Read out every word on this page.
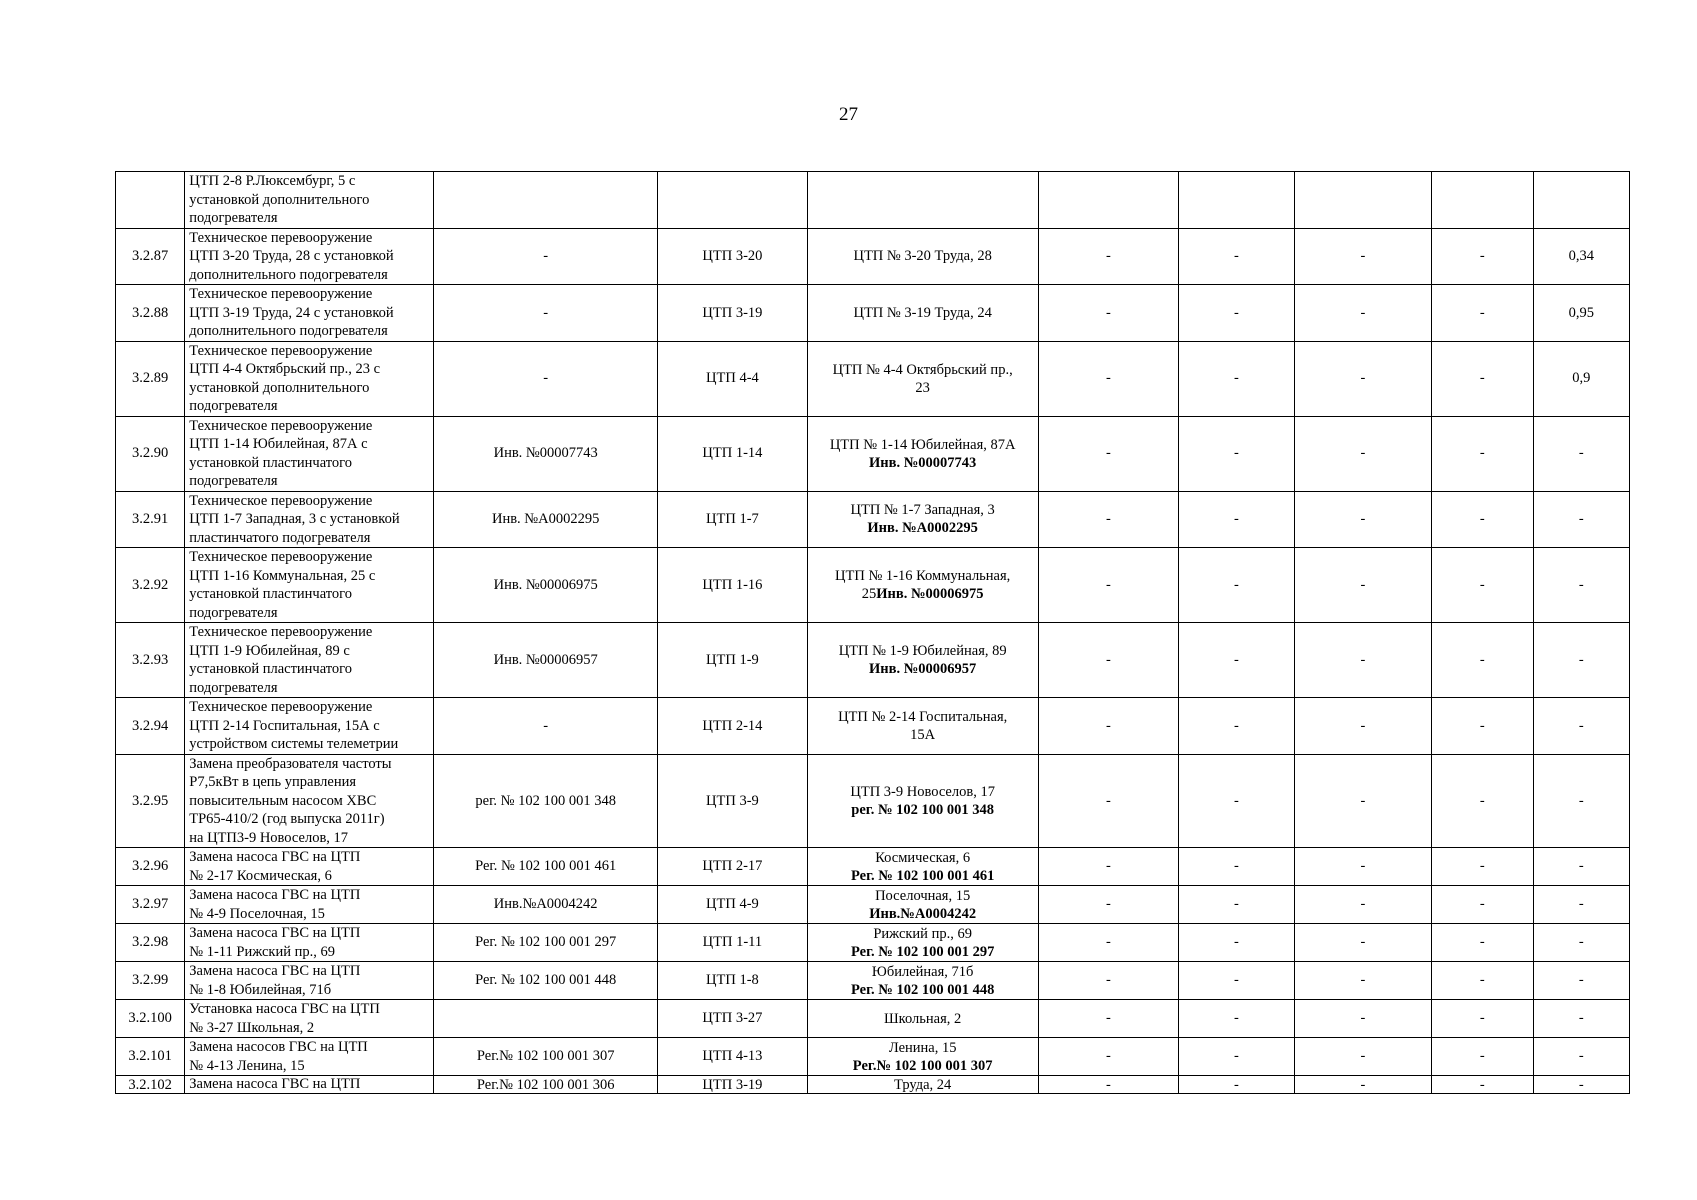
27
	ЦТП 2-8 Р.Люксембург, 5 с
установкой дополнительного
подогревателя								
3.2.87	Техническое перевооружение
ЦТП 3-20 Труда, 28 с установкой
дополнительного подогревателя	-	ЦТП 3-20	ЦТП № 3-20 Труда, 28	-	-	-	-	0,34
3.2.88	Техническое перевооружение
ЦТП 3-19 Труда, 24 с установкой
дополнительного подогревателя	-	ЦТП 3-19	ЦТП № 3-19 Труда, 24	-	-	-	-	0,95
3.2.89	Техническое перевооружение
ЦТП 4-4 Октябрьский пр., 23 с
установкой дополнительного
подогревателя	-	ЦТП 4-4	ЦТП № 4-4 Октябрьский пр.,
23	-	-	-	-	0,9
3.2.90	Техническое перевооружение
ЦТП 1-14 Юбилейная, 87А с
установкой пластинчатого
подогревателя	Инв. №00007743	ЦТП 1-14	ЦТП № 1-14 Юбилейная, 87А
Инв. №00007743	-	-	-	-	-
3.2.91	Техническое перевооружение
ЦТП 1-7 Западная, 3 с установкой
пластинчатого подогревателя	Инв. №А0002295	ЦТП 1-7	ЦТП № 1-7 Западная, 3
Инв. №А0002295	-	-	-	-	-
3.2.92	Техническое перевооружение
ЦТП 1-16 Коммунальная, 25 с
установкой пластинчатого
подогревателя	Инв. №00006975	ЦТП 1-16	ЦТП № 1-16 Коммунальная,
25Инв. №00006975	-	-	-	-	-
3.2.93	Техническое перевооружение
ЦТП 1-9 Юбилейная, 89 с
установкой пластинчатого
подогревателя	Инв. №00006957	ЦТП 1-9	ЦТП № 1-9 Юбилейная, 89
Инв. №00006957	-	-	-	-	-
3.2.94	Техническое перевооружение
ЦТП 2-14 Госпитальная, 15А с
устройством системы телеметрии	-	ЦТП 2-14	ЦТП № 2-14 Госпитальная,
15А	-	-	-	-	-
3.2.95	Замена преобразователя частоты
Р7,5кВт в цепь управления
повысительным насосом ХВС
ТР65-410/2 (год выпуска 2011г)
на ЦТП3-9 Новоселов, 17	рег. № 102 100 001 348	ЦТП 3-9	ЦТП 3-9 Новоселов, 17
рег. № 102 100 001 348	-	-	-	-	-
3.2.96	Замена насоса ГВС на ЦТП
№ 2-17 Космическая, 6	Рег. № 102 100 001 461	ЦТП 2-17	Космическая, 6
Рег. № 102 100 001 461	-	-	-	-	-
3.2.97	Замена насоса ГВС на ЦТП
№ 4-9 Поселочная, 15	Инв.№А0004242	ЦТП 4-9	Поселочная, 15
Инв.№А0004242	-	-	-	-	-
3.2.98	Замена насоса ГВС на ЦТП
№ 1-11 Рижский пр., 69	Рег. № 102 100 001 297	ЦТП 1-11	Рижский пр., 69
Рег. № 102 100 001 297	-	-	-	-	-
3.2.99	Замена насоса ГВС на ЦТП
№ 1-8 Юбилейная, 71б	Рег. № 102 100 001 448	ЦТП 1-8	Юбилейная, 71б
Рег. № 102 100 001 448	-	-	-	-	-
3.2.100	Установка насоса ГВС на ЦТП
№ 3-27 Школьная, 2		ЦТП 3-27	Школьная, 2	-	-	-	-	-
3.2.101	Замена насосов ГВС на ЦТП
№ 4-13 Ленина, 15	Рег.№ 102 100 001 307	ЦТП 4-13	Ленина, 15
Рег.№ 102 100 001 307	-	-	-	-	-
3.2.102	Замена насоса ГВС на ЦТП	Рег.№ 102 100 001 306	ЦТП 3-19	Труда, 24	-	-	-	-	-
